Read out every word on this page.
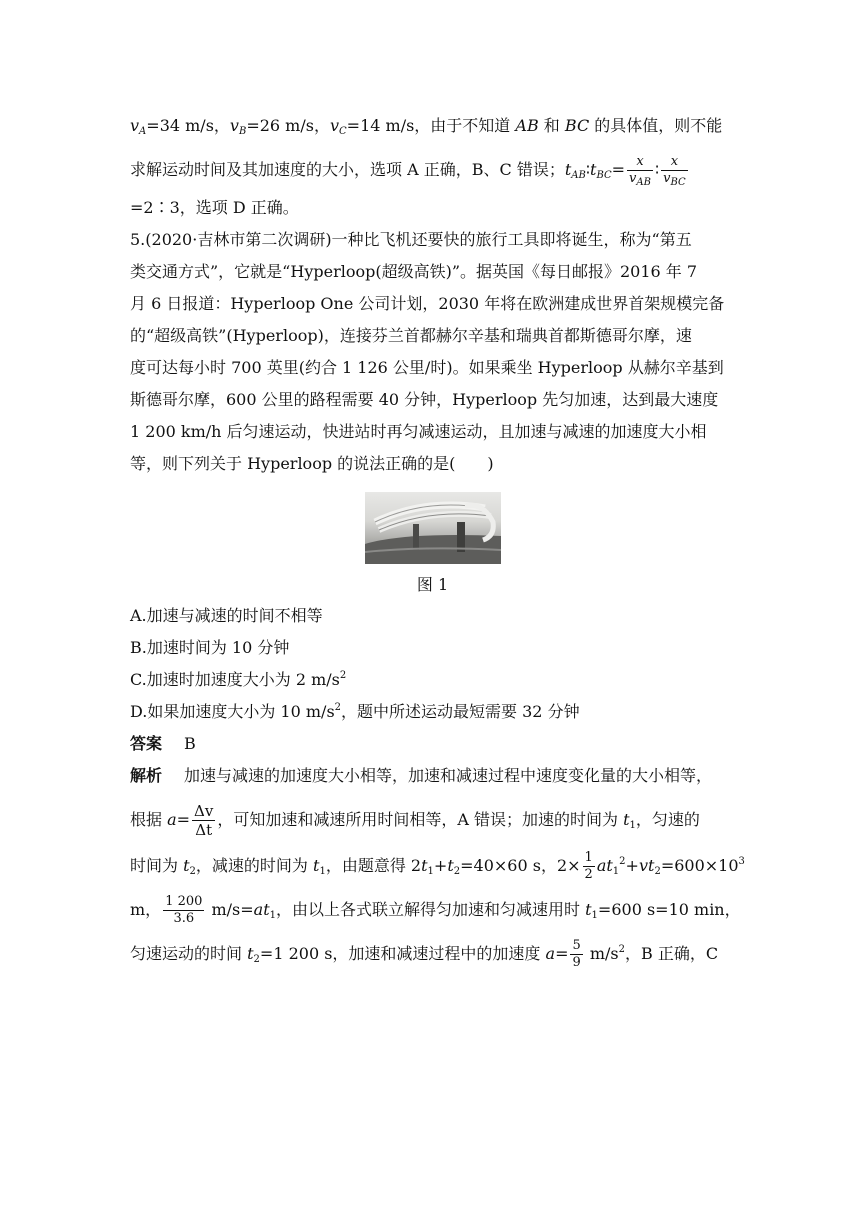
$v_A=34$ m/s，$v_B=26$ m/s，$v_C=14$ m/s，由于不知道 AB 和 BC 的具体值，则不能
求解运动时间及其加速度的大小，选项 A 正确，B、C 错误；$t_{AB}∶t_{BC}= \frac{x}{v_{AB}}$ ∶ $\frac{x}{v_{BC}}$
=2∶3，选项 D 正确。
5.(2020·吉林市第二次调研)一种比飞机还要快的旅行工具即将诞生，称为“第五
类交通方式”，它就是“Hyperloop(超级高铁)”。据英国《每日邮报》2016 年 7
月 6 日报道：Hyperloop One 公司计划，2030 年将在欧洲建成世界首架规模完备
的“超级高铁”(Hyperloop)，连接芬兰首都赫尔辛基和瑞典首都斯德哥尔摩，速
度可达每小时 700 英里(约合 1 126 公里/时)。如果乘坐 Hyperloop 从赫尔辛基到
斯德哥尔摩，600 公里的路程需要 40 分钟，Hyperloop 先匀加速，达到最大速度
1 200 km/h 后匀速运动，快进站时再匀减速运动，且加速与减速的加速度大小相
等，则下列关于 Hyperloop 的说法正确的是(　　)
图 1
A.加速与减速的时间不相等
B.加速时间为 10 分钟
C.加速时加速度大小为 2 $m/s^2$
D.如果加速度大小为 10 $m/s^2$，题中所述运动最短需要 32 分钟
答案 B
解析 加速与减速的加速度大小相等，加速和减速过程中速度变化量的大小相等，
根据 $a= \frac{\Delta v}{\Delta t}$ ，可知加速和减速所用时间相等，A 错误；加速的时间为 $t_1$，匀速的
时间为 $t_2$，减速的时间为 $t_1$，由题意得 $2t_1+t_2=40\times 60$ s，$2\times \frac{1}{2} at_1^2+vt_2=600\times 10^3$
m， $\frac{1 200}{3.6} m/s=at_1$，由以上各式联立解得匀加速和匀减速用时 $t_1=600$ s=10 min，
匀速运动的时间 $t_2=1$ 200 s，加速和减速过程中的加速度 $a= \frac{5}{9} m/s^2$，B 正确，C
